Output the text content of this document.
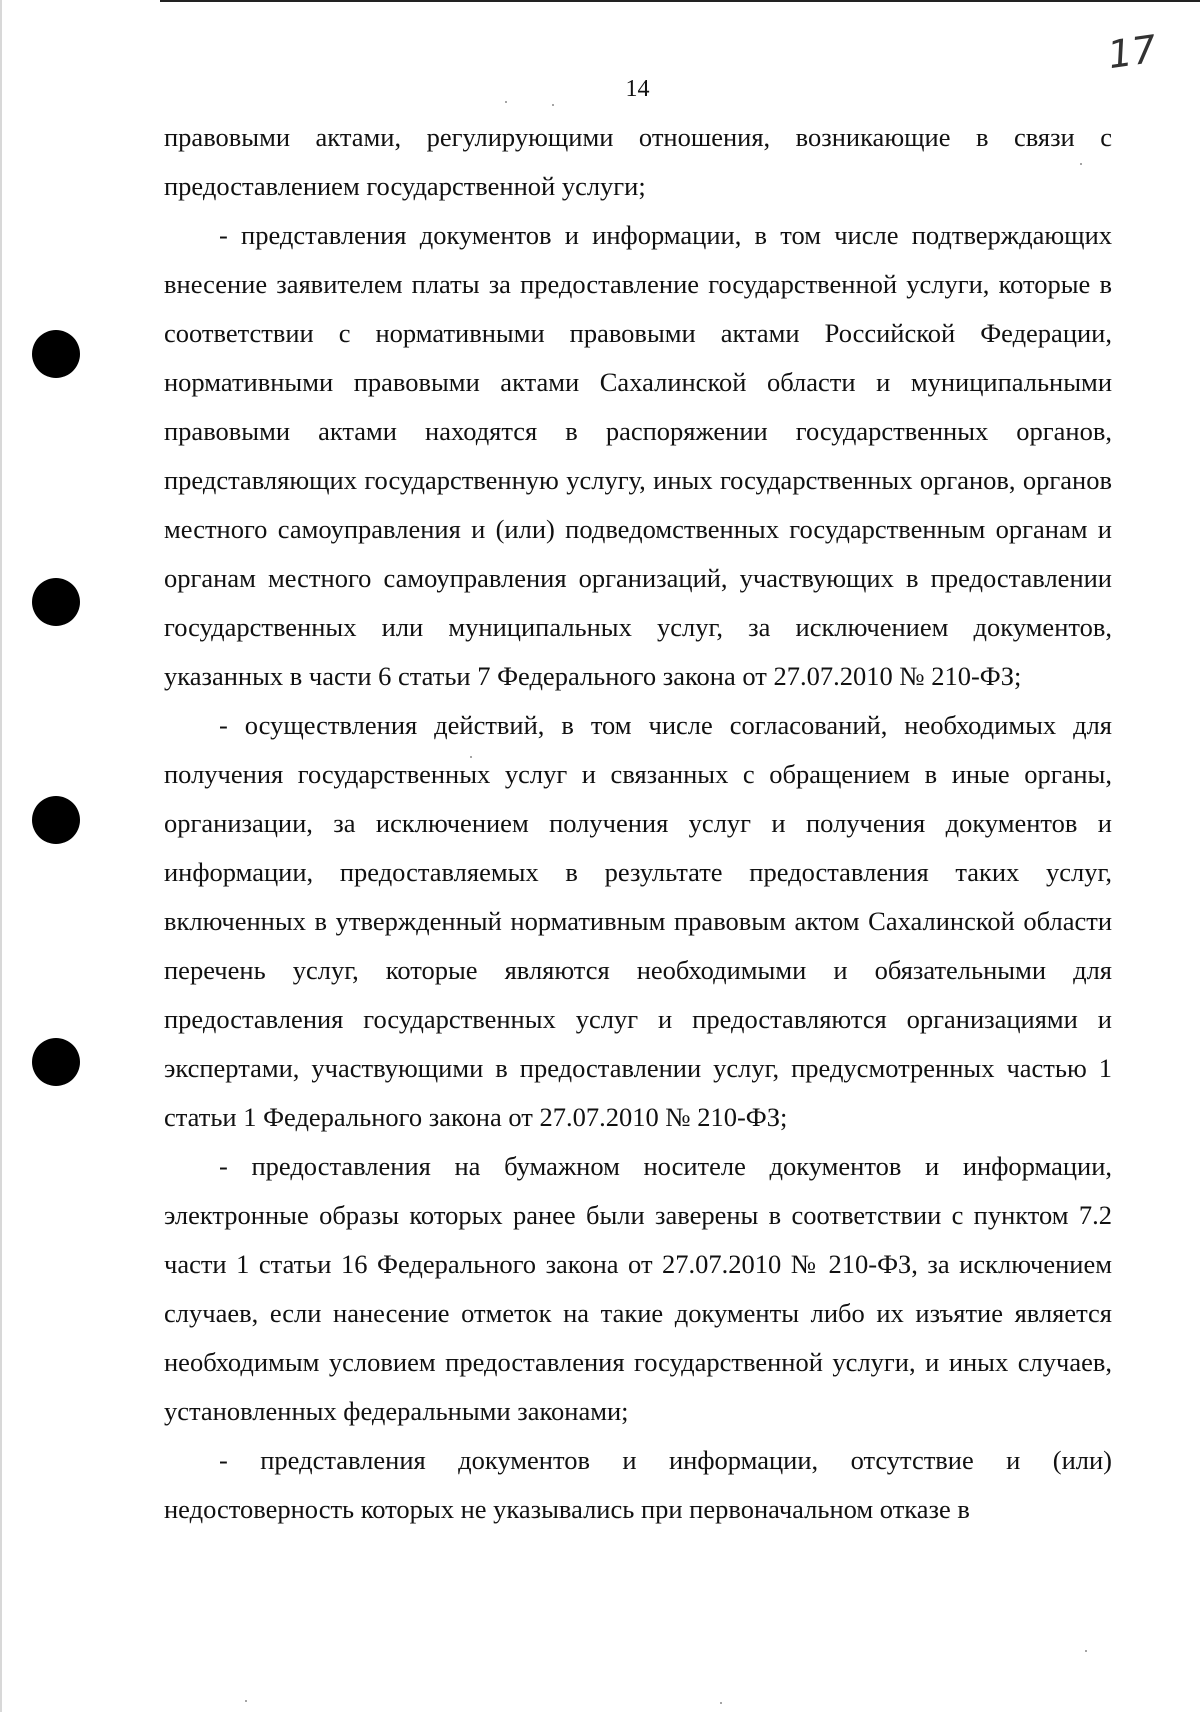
17
14

правовыми актами, регулирующими отношения, возникающие в связи с предоставлением государственной услуги;

- представления документов и информации, в том числе подтверждающих внесение заявителем платы за предоставление государственной услуги, которые в соответствии с нормативными правовыми актами Российской Федерации, нормативными правовыми актами Сахалинской области и муниципальными правовыми актами находятся в распоряжении государственных органов, представляющих государственную услугу, иных государственных органов, органов местного самоуправления и (или) подведомственных государственным органам и органам местного самоуправления организаций, участвующих в предоставлении государственных или муниципальных услуг, за исключением документов, указанных в части 6 статьи 7 Федерального закона от 27.07.2010 № 210-ФЗ;

- осуществления действий, в том числе согласований, необходимых для получения государственных услуг и связанных с обращением в иные органы, организации, за исключением получения услуг и получения документов и информации, предоставляемых в результате предоставления таких услуг, включенных в утвержденный нормативным правовым актом Сахалинской области перечень услуг, которые являются необходимыми и обязательными для предоставления государственных услуг и предоставляются организациями и экспертами, участвующими в предоставлении услуг, предусмотренных частью 1 статьи 1 Федерального закона от 27.07.2010 № 210-ФЗ;

- предоставления на бумажном носителе документов и информации, электронные образы которых ранее были заверены в соответствии с пунктом 7.2 части 1 статьи 16 Федерального закона от 27.07.2010 № 210-ФЗ, за исключением случаев, если нанесение отметок на такие документы либо их изъятие является необходимым условием предоставления государственной услуги, и иных случаев, установленных федеральными законами;

- представления документов и информации, отсутствие и (или) недостоверность которых не указывались при первоначальном отказе в
